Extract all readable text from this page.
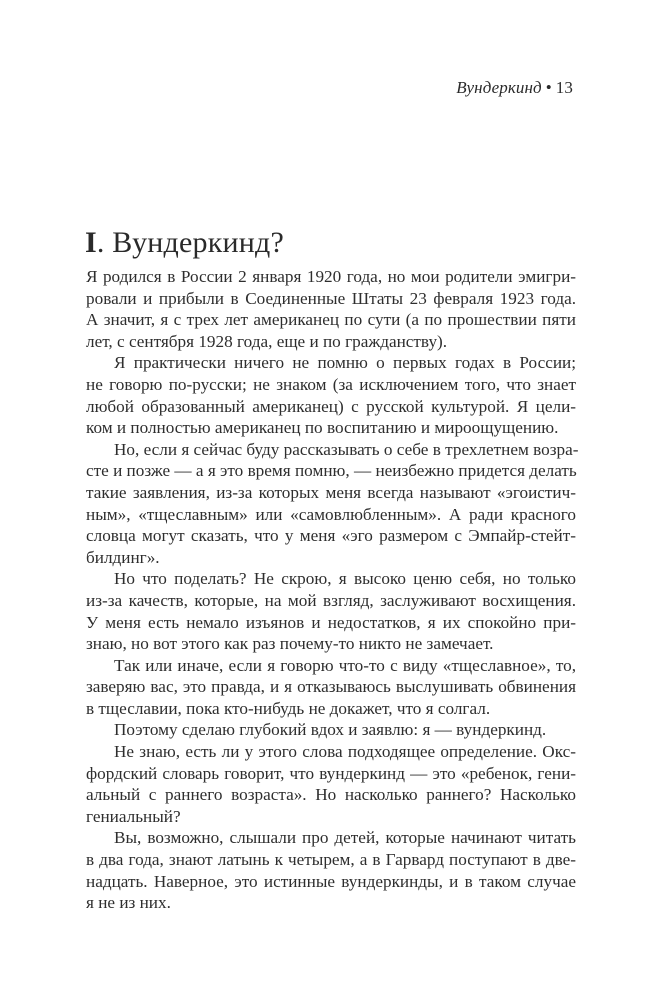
Вундеркинд • 13
I. Вундеркинд?
Я родился в России 2 января 1920 года, но мои родители эмигри-
ровали и прибыли в Соединенные Штаты 23 февраля 1923 года.
А значит, я с трех лет американец по сути (а по прошествии пяти
лет, с сентября 1928 года, еще и по гражданству).
Я практически ничего не помню о первых годах в России;
не говорю по-русски; не знаком (за исключением того, что знает
любой образованный американец) с русской культурой. Я цели-
ком и полностью американец по воспитанию и мироощущению.
Но, если я сейчас буду рассказывать о себе в трехлетнем возра-
сте и позже — а я это время помню, — неизбежно придется делать
такие заявления, из-за которых меня всегда называют «эгоистич-
ным», «тщеславным» или «самовлюбленным». А ради красного
словца могут сказать, что у меня «эго размером с Эмпайр-стейт-
билдинг».
Но что поделать? Не скрою, я высоко ценю себя, но только
из-за качеств, которые, на мой взгляд, заслуживают восхищения.
У меня есть немало изъянов и недостатков, я их спокойно при-
знаю, но вот этого как раз почему-то никто не замечает.
Так или иначе, если я говорю что-то с виду «тщеславное», то,
заверяю вас, это правда, и я отказываюсь выслушивать обвинения
в тщеславии, пока кто-нибудь не докажет, что я солгал.
Поэтому сделаю глубокий вдох и заявлю: я — вундеркинд.
Не знаю, есть ли у этого слова подходящее определение. Окс-
фордский словарь говорит, что вундеркинд — это «ребенок, гени-
альный с раннего возраста». Но насколько раннего? Насколько
гениальный?
Вы, возможно, слышали про детей, которые начинают читать
в два года, знают латынь к четырем, а в Гарвард поступают в две-
надцать. Наверное, это истинные вундеркинды, и в таком случае
я не из них.
